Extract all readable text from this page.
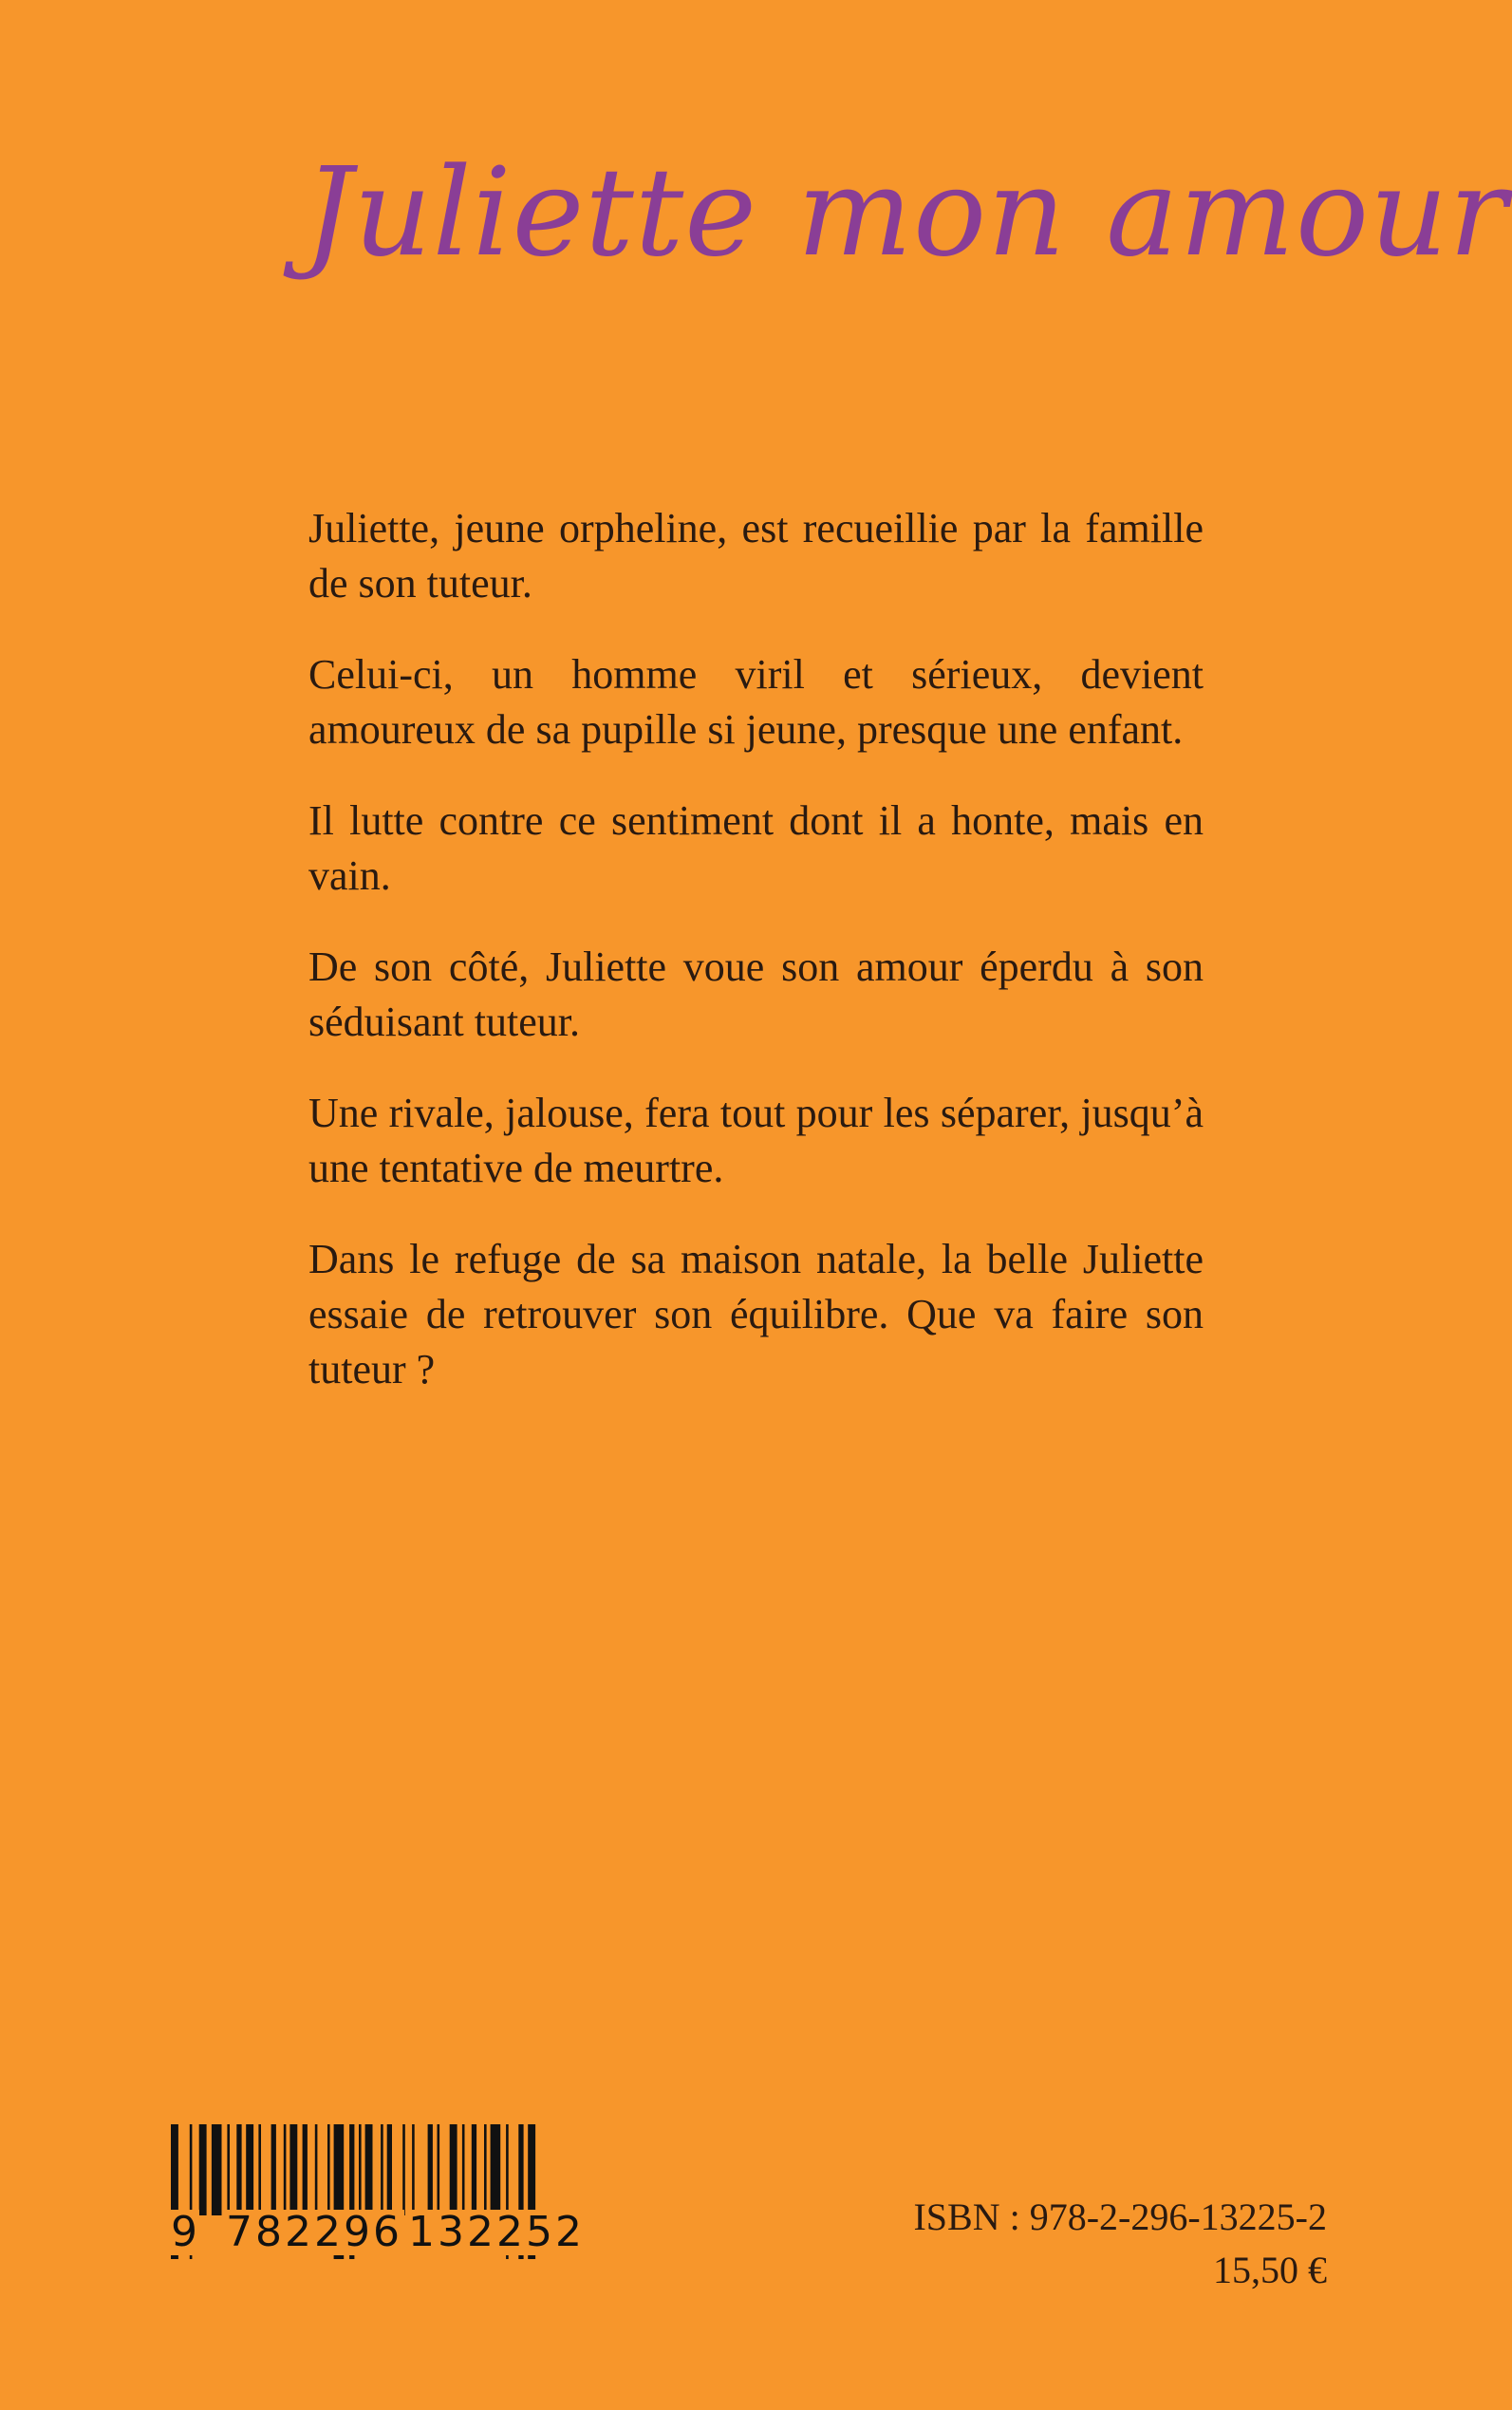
Juliette mon amour

Juliette, jeune orpheline, est recueillie par la famille de son tuteur.

Celui-ci, un homme viril et sérieux, devient amoureux de sa pupille si jeune, presque une enfant.

Il lutte contre ce sentiment dont il a honte, mais en vain.

De son côté, Juliette voue son amour éperdu à son séduisant tuteur.

Une rivale, jalouse, fera tout pour les séparer, jusqu’à une tentative de meurtre.

Dans le refuge de sa maison natale, la belle Juliette essaie de retrouver son équilibre. Que va faire son tuteur ?

9 782296 132252	ISBN : 978-2-296-13225-2
15,50 €
